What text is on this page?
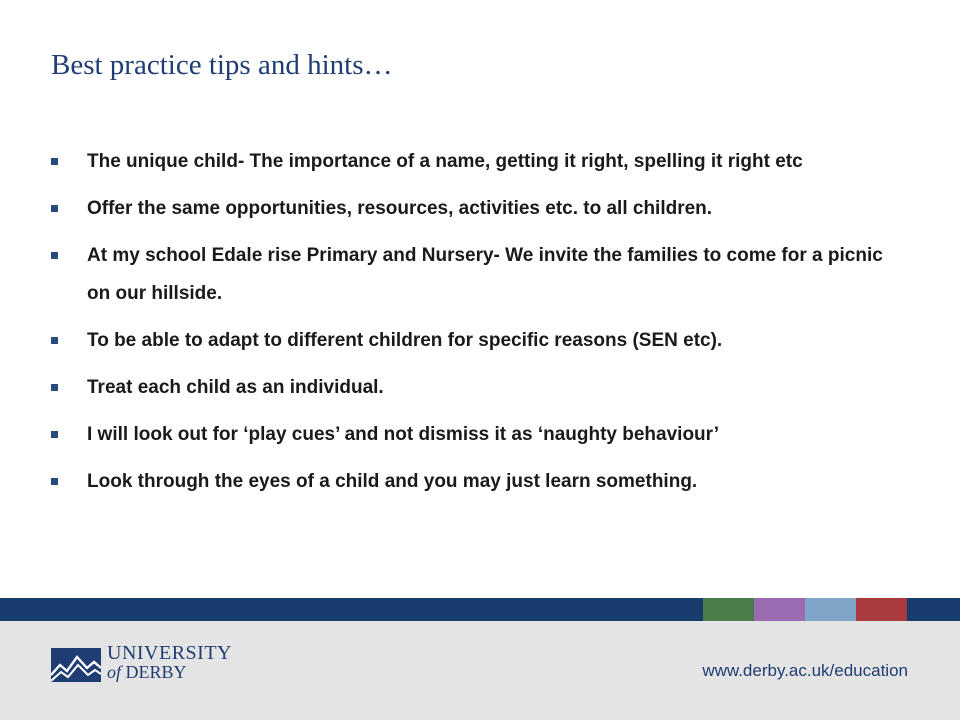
Best practice tips and hints…
The unique child- The importance of a name, getting it right, spelling it right etc
Offer the same opportunities, resources, activities etc. to all children.
At my school Edale rise Primary and Nursery- We invite the families to come for a picnic on our hillside.
To be able to adapt to different children for specific reasons (SEN etc).
Treat each child as an individual.
I will look out for ‘play cues’ and not dismiss it as ‘naughty behaviour’
Look through the eyes of a child and you may just learn something.
UNIVERSITY
of DERBY	www.derby.ac.uk/education
